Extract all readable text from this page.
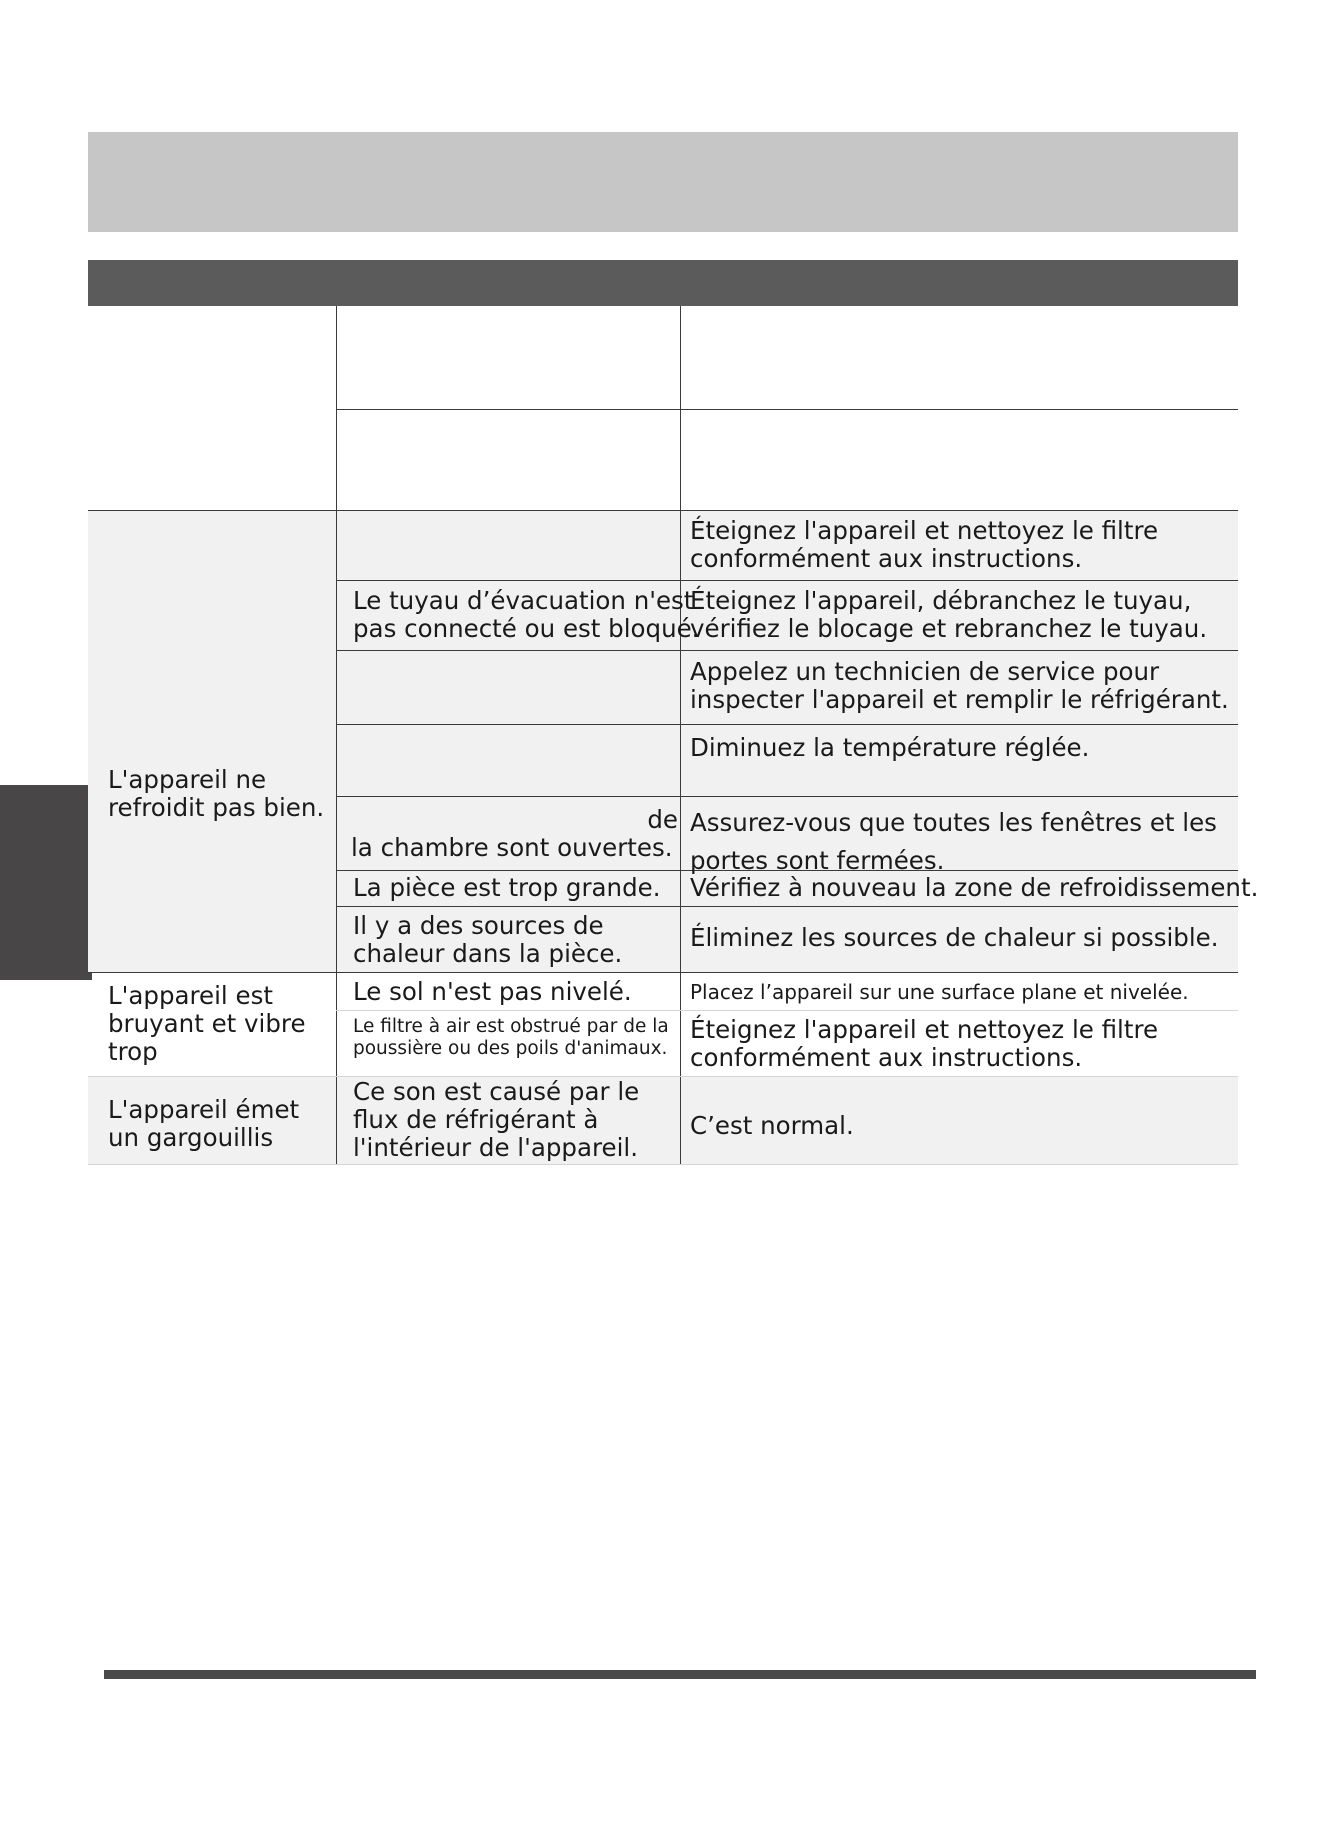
L'appareil ne
refroidit pas bien.
Éteignez l'appareil et nettoyez le filtre
conformément aux instructions.
Le tuyau d’évacuation n'est
pas connecté ou est bloqué.
Éteignez l'appareil, débranchez le tuyau,
vérifiez le blocage et rebranchez le tuyau.
Appelez un technicien de service pour
inspecter l'appareil et remplir le réfrigérant.
Diminuez la température réglée.
de
la chambre sont ouvertes.
Assurez-vous que toutes les fenêtres et les
portes sont fermées.
La pièce est trop grande. Vérifiez à nouveau la zone de refroidissement.
Il y a des sources de
chaleur dans la pièce.
Éliminez les sources de chaleur si possible.
L'appareil est
bruyant et vibre
trop
Le sol n'est pas nivelé.	Placez l’appareil sur une surface plane et nivelée.
Le filtre à air est obstrué par de la
poussière ou des poils d'animaux.
Éteignez l'appareil et nettoyez le filtre
conformément aux instructions.
L'appareil émet
un gargouillis
Ce son est causé par le
flux de réfrigérant à
l'intérieur de l'appareil.
C’est normal.
